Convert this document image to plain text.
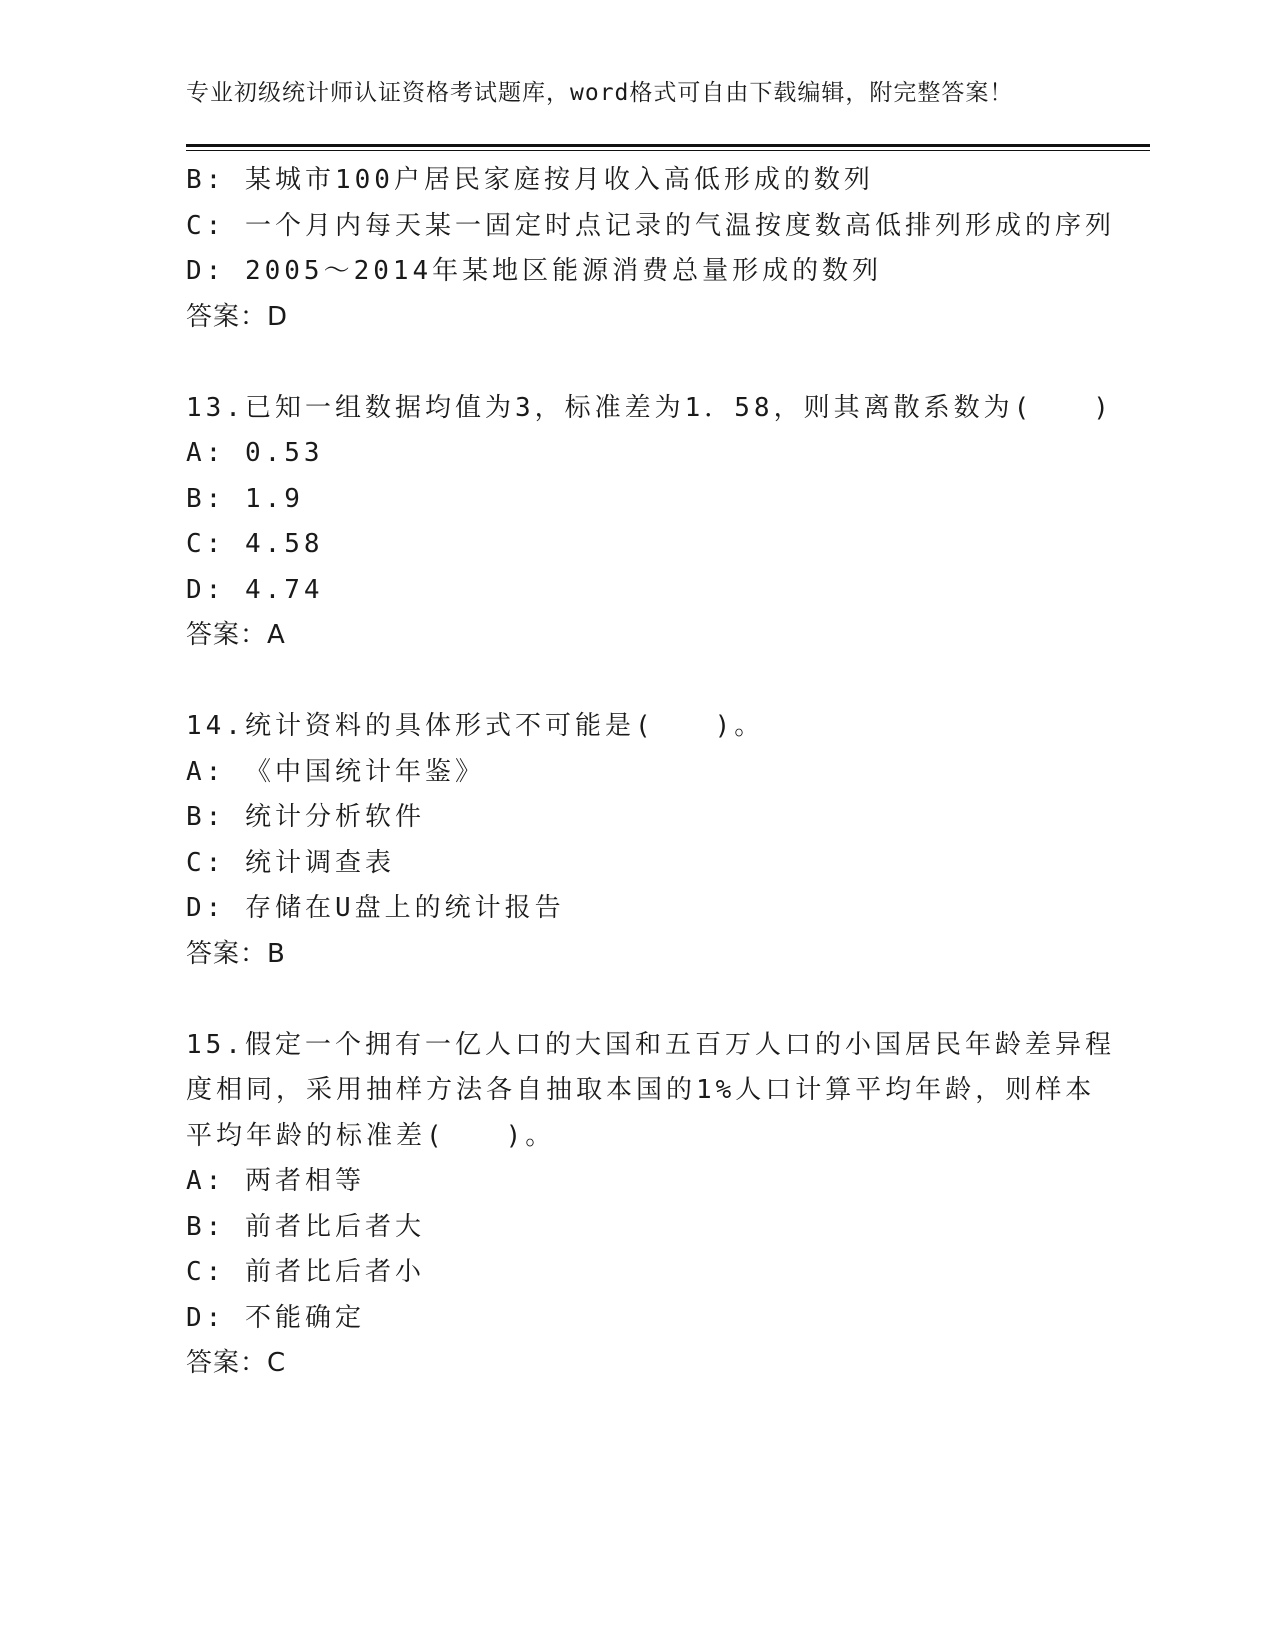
专业初级统计师认证资格考试题库，word格式可自由下载编辑，附完整答案！
B: 某城市100户居民家庭按月收入高低形成的数列
C: 一个月内每天某一固定时点记录的气温按度数高低排列形成的序列
D: 2005～2014年某地区能源消费总量形成的数列
答案：D
13.已知一组数据均值为3，标准差为1．58，则其离散系数为(　　)
A: 0.53
B: 1.9
C: 4.58
D: 4.74
答案：A
14.统计资料的具体形式不可能是(　　)。
A: 《中国统计年鉴》
B: 统计分析软件
C: 统计调查表
D: 存储在U盘上的统计报告
答案：B
15.假定一个拥有一亿人口的大国和五百万人口的小国居民年龄差异程
度相同，采用抽样方法各自抽取本国的1%人口计算平均年龄，则样本
平均年龄的标准差(　　)。
A: 两者相等
B: 前者比后者大
C: 前者比后者小
D: 不能确定
答案：C
